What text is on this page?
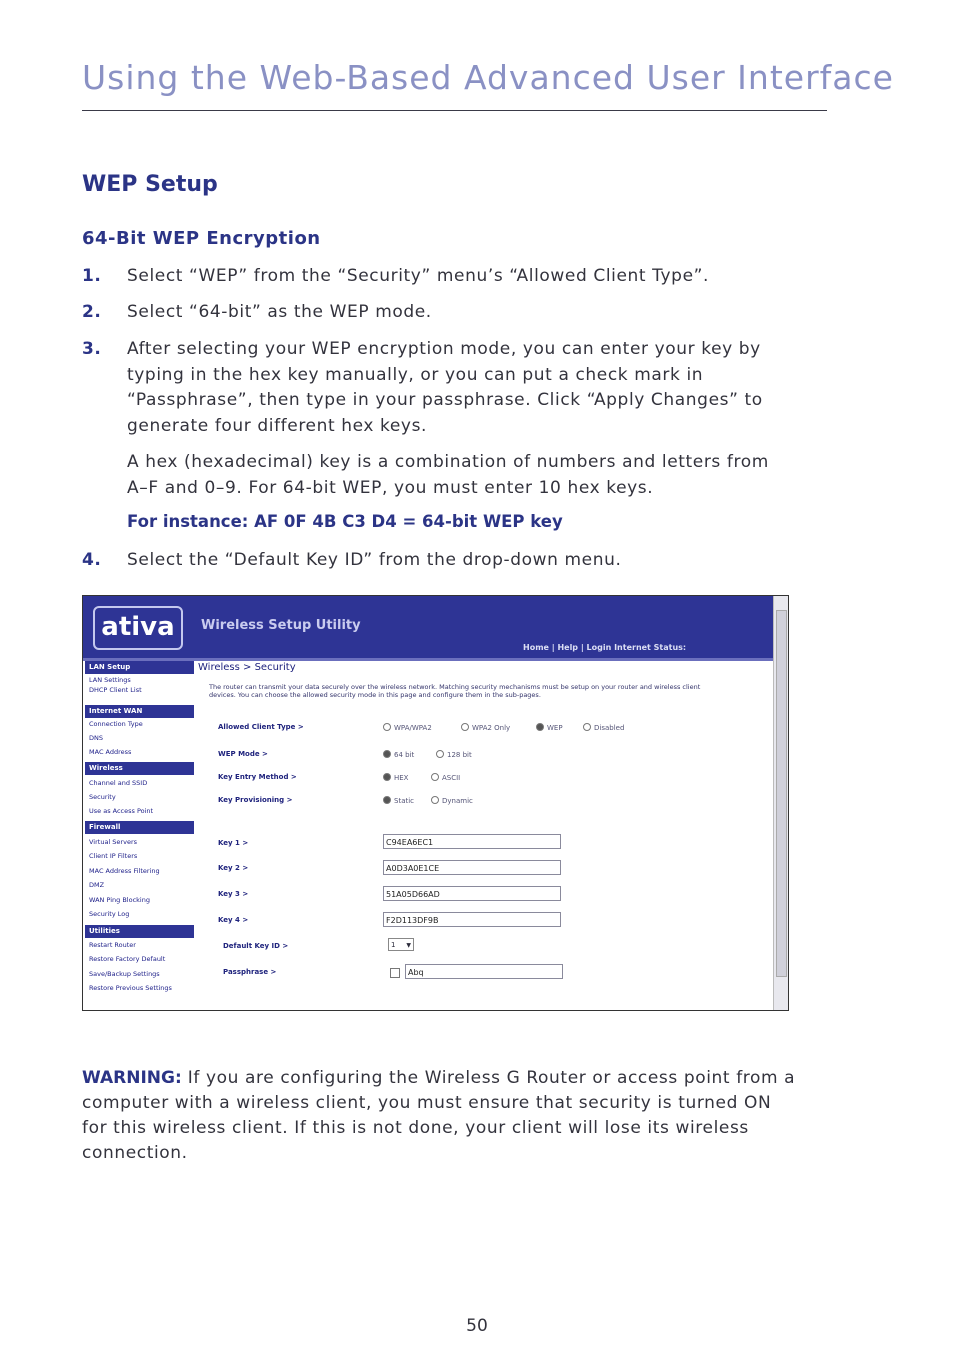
Using the Web-Based Advanced User Interface
WEP Setup
64-Bit WEP Encryption
1. Select “WEP” from the “Security” menu’s “Allowed Client Type”.
2. Select “64-bit” as the WEP mode.
3. After selecting your WEP encryption mode, you can enter your key by typing in the hex key manually, or you can put a check mark in “Passphrase”, then type in your passphrase. Click “Apply Changes” to generate four different hex keys.
A hex (hexadecimal) key is a combination of numbers and letters from A–F and 0–9. For 64-bit WEP, you must enter 10 hex keys.
For instance: AF 0F 4B C3 D4 = 64-bit WEP key
4. Select the “Default Key ID” from the drop-down menu.
ativa	Wireless Setup Utility
Home | Help | Login Internet Status:
LAN Setup
LAN Settings
DHCP Client List
Internet WAN
Connection Type
DNS
MAC Address
Wireless
Channel and SSID
Security
Use as Access Point
Firewall
Virtual Servers
Client IP Filters
MAC Address Filtering
DMZ
WAN Ping Blocking
Security Log
Utilities
Restart Router
Restore Factory Default
Save/Backup Settings
Restore Previous Settings
Wireless > Security
The router can transmit your data securely over the wireless network. Matching security mechanisms must be setup on your router and wireless client devices. You can choose the allowed security mode in this page and configure them in the sub-pages.
Allowed Client Type >	WPA/WPA2	WPA2 Only	WEP	Disabled
WEP Mode >	64 bit	128 bit
Key Entry Method >	HEX	ASCII
Key Provisioning >	Static	Dynamic
Key 1 >	C94EA6EC1
Key 2 >	A0D3A0E1CE
Key 3 >	51A05D66AD
Key 4 >	F2D113DF9B
Default Key ID >	1 ▼
Passphrase >	Abq
WARNING: If you are configuring the Wireless G Router or access point from a computer with a wireless client, you must ensure that security is turned ON for this wireless client. If this is not done, your client will lose its wireless connection.
50
